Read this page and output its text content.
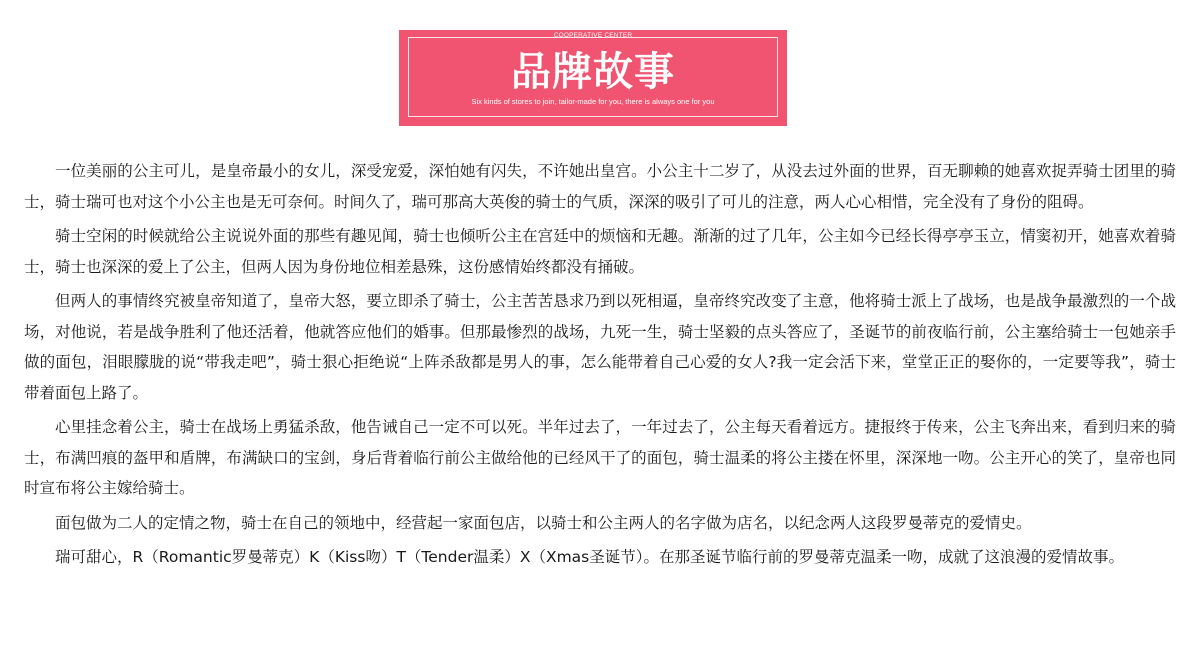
COOPERATIVE CENTER
品牌故事
Six kinds of stores to join, tailor-made for you, there is always one for you

一位美丽的公主可儿，是皇帝最小的女儿，深受宠爱，深怕她有闪失，不许她出皇宫。小公主十二岁了，从没去过外面的世界，百无聊赖的她喜欢捉弄骑士团里的骑士，骑士瑞可也对这个小公主也是无可奈何。时间久了，瑞可那高大英俊的骑士的气质，深深的吸引了可儿的注意，两人心心相惜，完全没有了身份的阻碍。

骑士空闲的时候就给公主说说外面的那些有趣见闻，骑士也倾听公主在宫廷中的烦恼和无趣。渐渐的过了几年，公主如今已经长得亭亭玉立，情窦初开，她喜欢着骑士，骑士也深深的爱上了公主，但两人因为身份地位相差悬殊，这份感情始终都没有捅破。

但两人的事情终究被皇帝知道了，皇帝大怒，要立即杀了骑士，公主苦苦恳求乃到以死相逼，皇帝终究改变了主意，他将骑士派上了战场，也是战争最激烈的一个战场，对他说，若是战争胜利了他还活着，他就答应他们的婚事。但那最惨烈的战场，九死一生，骑士坚毅的点头答应了，圣诞节的前夜临行前，公主塞给骑士一包她亲手做的面包，泪眼朦胧的说“带我走吧”，骑士狠心拒绝说“上阵杀敌都是男人的事，怎么能带着自己心爱的女人?我一定会活下来，堂堂正正的娶你的，一定要等我”，骑士带着面包上路了。

心里挂念着公主，骑士在战场上勇猛杀敌，他告诫自己一定不可以死。半年过去了，一年过去了，公主每天看着远方。捷报终于传来，公主飞奔出来，看到归来的骑士，布满凹痕的盔甲和盾牌，布满缺口的宝剑，身后背着临行前公主做给他的已经风干了的面包，骑士温柔的将公主搂在怀里，深深地一吻。公主开心的笑了，皇帝也同时宣布将公主嫁给骑士。

面包做为二人的定情之物，骑士在自己的领地中，经营起一家面包店，以骑士和公主两人的名字做为店名，以纪念两人这段罗曼蒂克的爱情史。

瑞可甜心，R（Romantic罗曼蒂克）K（Kiss吻）T（Tender温柔）X（Xmas圣诞节）。在那圣诞节临行前的罗曼蒂克温柔一吻，成就了这浪漫的爱情故事。
